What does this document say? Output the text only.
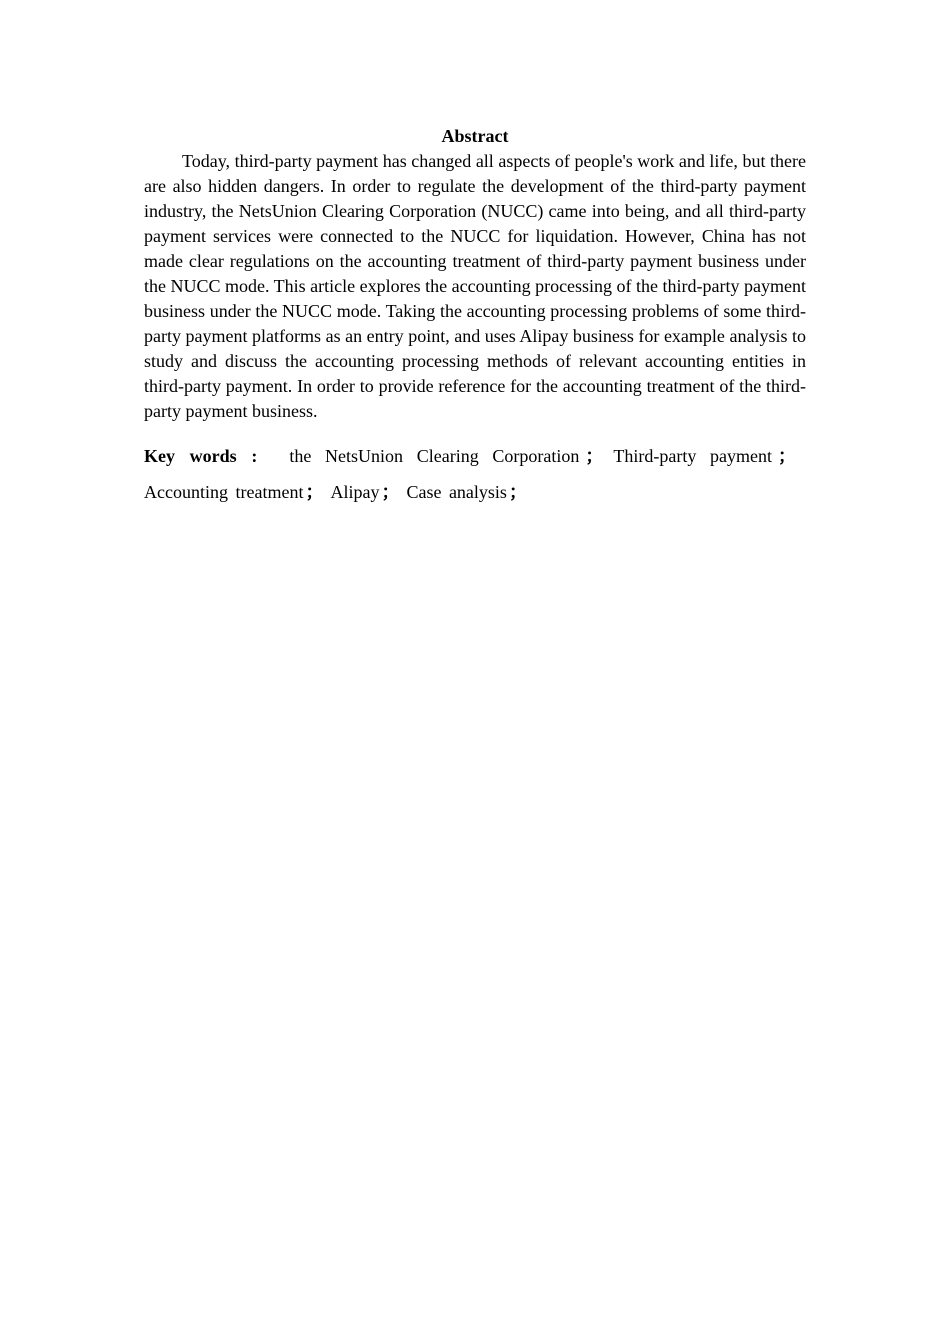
Abstract

Today, third-party payment has changed all aspects of people's work and life, but there are also hidden dangers. In order to regulate the development of the third-party payment industry, the NetsUnion Clearing Corporation (NUCC) came into being, and all third-party payment services were connected to the NUCC for liquidation. However, China has not made clear regulations on the accounting treatment of third-party payment business under the NUCC mode. This article explores the accounting processing of the third-party payment business under the NUCC mode. Taking the accounting processing problems of some third-party payment platforms as an entry point, and uses Alipay business for example analysis to study and discuss the accounting processing methods of relevant accounting entities in third-party payment. In order to provide reference for the accounting treatment of the third-party payment business.

Key words : the NetsUnion Clearing Corporation ； Third-party payment ；Accounting treatment ； Alipay ； Case analysis ；
